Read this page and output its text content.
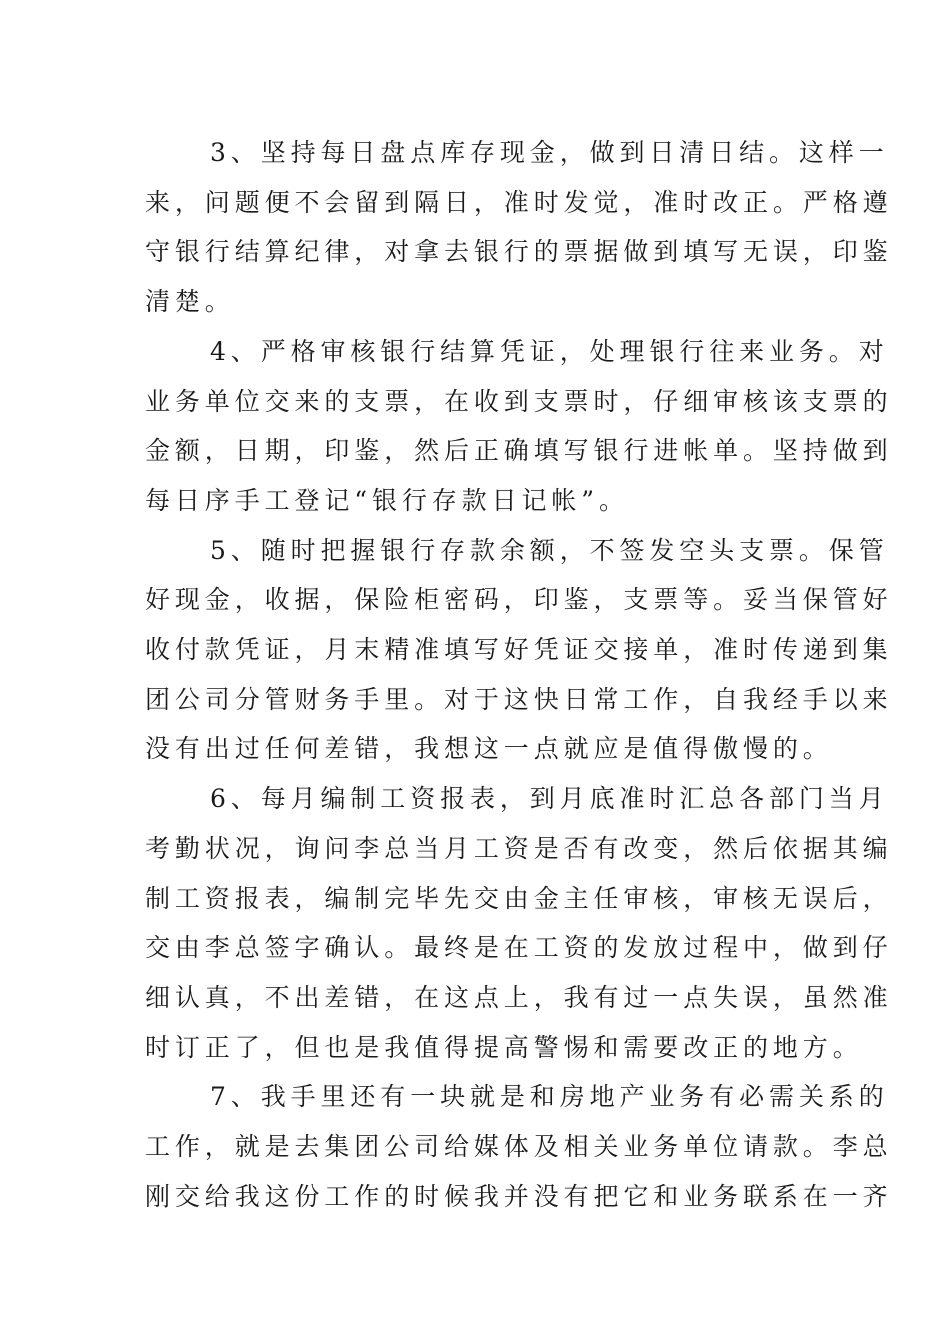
3、坚持每日盘点库存现金，做到日清日结。这样一
来，问题便不会留到隔日，准时发觉，准时改正。严格遵
守银行结算纪律，对拿去银行的票据做到填写无误，印鉴
清楚。

4、严格审核银行结算凭证，处理银行往来业务。对
业务单位交来的支票，在收到支票时，仔细审核该支票的
金额，日期，印鉴，然后正确填写银行进帐单。坚持做到
每日序手工登记“银行存款日记帐”。

5、随时把握银行存款余额，不签发空头支票。保管
好现金，收据，保险柜密码，印鉴，支票等。妥当保管好
收付款凭证，月末精准填写好凭证交接单，准时传递到集
团公司分管财务手里。对于这快日常工作，自我经手以来
没有出过任何差错，我想这一点就应是值得傲慢的。

6、每月编制工资报表，到月底准时汇总各部门当月
考勤状况，询问李总当月工资是否有改变，然后依据其编
制工资报表，编制完毕先交由金主任审核，审核无误后，
交由李总签字确认。最终是在工资的发放过程中，做到仔
细认真，不出差错，在这点上，我有过一点失误，虽然准
时订正了，但也是我值得提高警惕和需要改正的地方。

7、我手里还有一块就是和房地产业务有必需关系的
工作，就是去集团公司给媒体及相关业务单位请款。李总
刚交给我这份工作的时候我并没有把它和业务联系在一齐
